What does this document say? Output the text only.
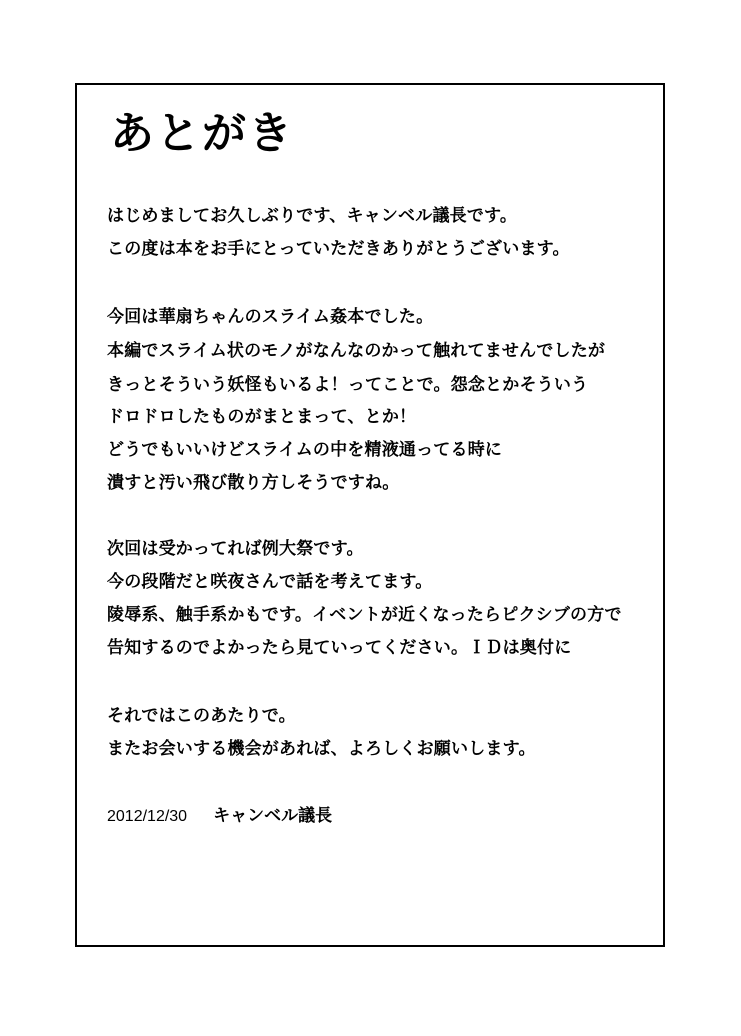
あとがき
はじめましてお久しぶりです、キャンベル議長です。
この度は本をお手にとっていただきありがとうございます。
今回は華扇ちゃんのスライム姦本でした。
本編でスライム状のモノがなんなのかって触れてませんでしたが
きっとそういう妖怪もいるよ！ってことで。怨念とかそういう
ドロドロしたものがまとまって、とか！
どうでもいいけどスライムの中を精液通ってる時に
潰すと汚い飛び散り方しそうですね。
次回は受かってれば例大祭です。
今の段階だと咲夜さんで話を考えてます。
陵辱系、触手系かもです。イベントが近くなったらピクシブの方で
告知するのでよかったら見ていってください。ＩＤは奥付に
それではこのあたりで。
またお会いする機会があれば、よろしくお願いします。
2012/12/30 キャンベル議長
